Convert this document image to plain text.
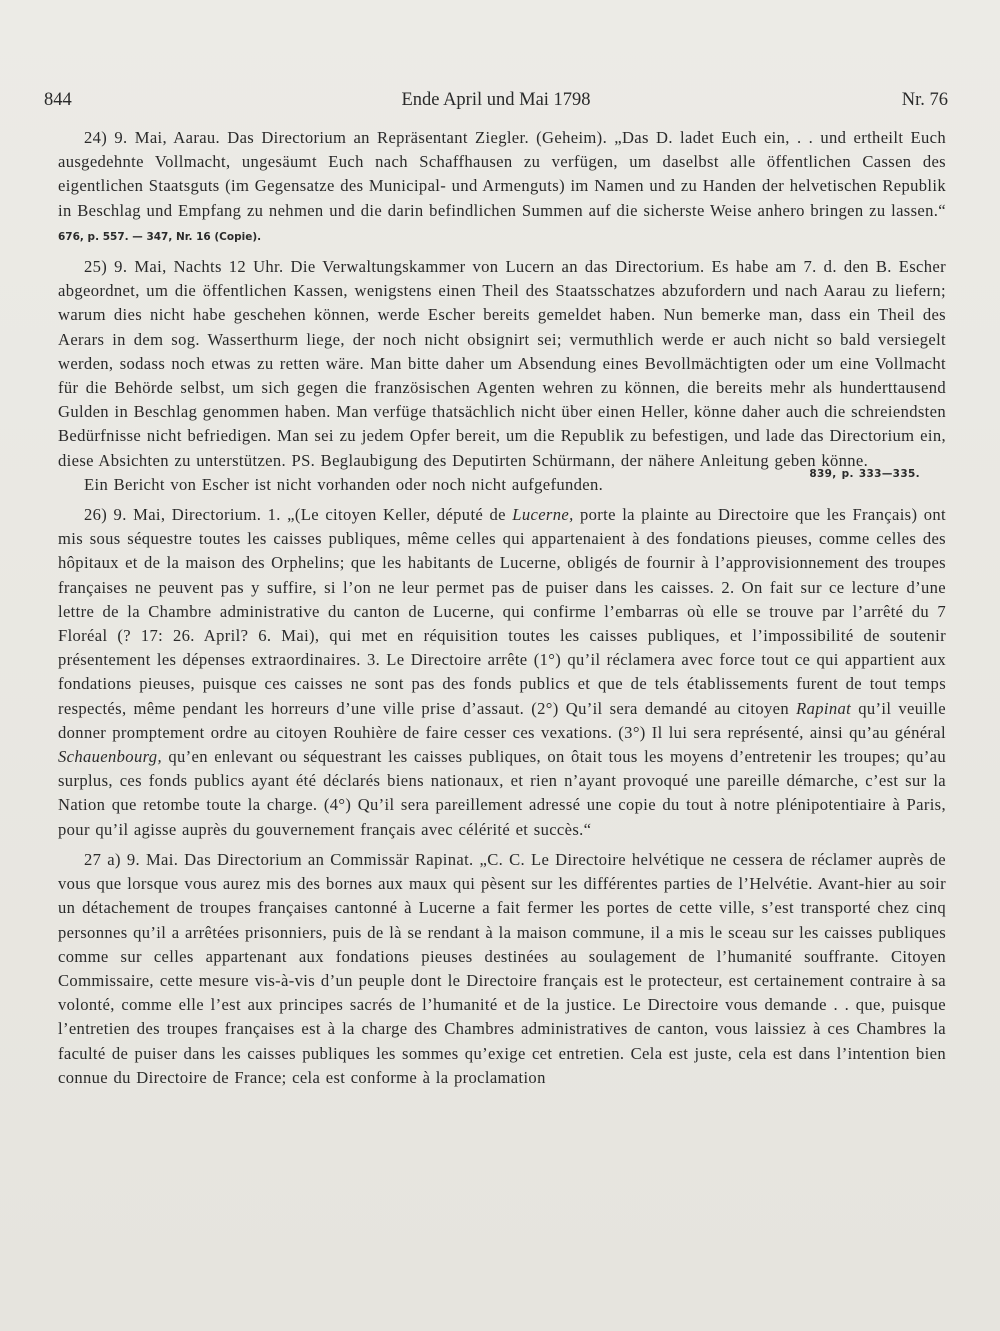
844	Ende April und Mai 1798	Nr. 76

24) 9. Mai, Aarau. Das Directorium an Repräsentant Ziegler. (Geheim). „Das D. ladet Euch ein, . . und ertheilt Euch ausgedehnte Vollmacht, ungesäumt Euch nach Schaffhausen zu verfügen, um daselbst alle öffentlichen Cassen des eigentlichen Staatsguts (im Gegensatze des Municipal- und Armenguts) im Namen und zu Handen der helvetischen Republik in Beschlag und Empfang zu nehmen und die darin befindlichen Summen auf die sicherste Weise anhero bringen zu lassen.“ 676, p. 557. — 347, Nr. 16 (Copie).

25) 9. Mai, Nachts 12 Uhr. Die Verwaltungskammer von Lucern an das Directorium. Es habe am 7. d. den B. Escher abgeordnet, um die öffentlichen Kassen, wenigstens einen Theil des Staatsschatzes abzufordern und nach Aarau zu liefern; warum dies nicht habe geschehen können, werde Escher bereits gemeldet haben. Nun bemerke man, dass ein Theil des Aerars in dem sog. Wasserthurm liege, der noch nicht obsignirt sei; vermuthlich werde er auch nicht so bald versiegelt werden, sodass noch etwas zu retten wäre. Man bitte daher um Absendung eines Bevollmächtigten oder um eine Vollmacht für die Behörde selbst, um sich gegen die französischen Agenten wehren zu können, die bereits mehr als hunderttausend Gulden in Beschlag genommen haben. Man verfüge thatsächlich nicht über einen Heller, könne daher auch die schreiendsten Bedürfnisse nicht befriedigen. Man sei zu jedem Opfer bereit, um die Republik zu befestigen, und lade das Directorium ein, diese Absichten zu unterstützen. PS. Beglaubigung des Deputirten Schürmann, der nähere Anleitung geben könne.

839, p. 333—335.

Ein Bericht von Escher ist nicht vorhanden oder noch nicht aufgefunden.

26) 9. Mai, Directorium. 1. „(Le citoyen Keller, député de Lucerne, porte la plainte au Directoire que les Français) ont mis sous séquestre toutes les caisses publiques, même celles qui appartenaient à des fondations pieuses, comme celles des hôpitaux et de la maison des Orphelins; que les habitants de Lucerne, obligés de fournir à l’approvisionnement des troupes françaises ne peuvent pas y suffire, si l’on ne leur permet pas de puiser dans les caisses. 2. On fait sur ce lecture d’une lettre de la Chambre administrative du canton de Lucerne, qui confirme l’embarras où elle se trouve par l’arrêté du 7 Floréal (? 17: 26. April? 6. Mai), qui met en réquisition toutes les caisses publiques, et l’impossibilité de soutenir présentement les dépenses extraordinaires. 3. Le Directoire arrête (1°) qu’il réclamera avec force tout ce qui appartient aux fondations pieuses, puisque ces caisses ne sont pas des fonds publics et que de tels établissements furent de tout temps respectés, même pendant les horreurs d’une ville prise d’assaut. (2°) Qu’il sera demandé au citoyen Rapinat qu’il veuille donner promptement ordre au citoyen Rouhière de faire cesser ces vexations. (3°) Il lui sera représenté, ainsi qu’au général Schauenbourg, qu’en enlevant ou séquestrant les caisses publiques, on ôtait tous les moyens d’entretenir les troupes; qu’au surplus, ces fonds publics ayant été déclarés biens nationaux, et rien n’ayant provoqué une pareille démarche, c’est sur la Nation que retombe toute la charge. (4°) Qu’il sera pareillement adressé une copie du tout à notre plénipotentiaire à Paris, pour qu’il agisse auprès du gouvernement français avec célérité et succès.“

27 a) 9. Mai. Das Directorium an Commissär Rapinat. „C. C. Le Directoire helvétique ne cessera de réclamer auprès de vous que lorsque vous aurez mis des bornes aux maux qui pèsent sur les différentes parties de l’Helvétie. Avant-hier au soir un détachement de troupes françaises cantonné à Lucerne a fait fermer les portes de cette ville, s’est transporté chez cinq personnes qu’il a arrêtées prisonniers, puis de là se rendant à la maison commune, il a mis le sceau sur les caisses publiques comme sur celles appartenant aux fondations pieuses destinées au soulagement de l’humanité souffrante. Citoyen Commissaire, cette mesure vis-à-vis d’un peuple dont le Directoire français est le protecteur, est certainement contraire à sa volonté, comme elle l’est aux principes sacrés de l’humanité et de la justice. Le Directoire vous demande . . que, puisque l’entretien des troupes françaises est à la charge des Chambres administratives de canton, vous laissiez à ces Chambres la faculté de puiser dans les caisses publiques les sommes qu’exige cet entretien. Cela est juste, cela est dans l’intention bien connue du Directoire de France; cela est conforme à la proclamation
